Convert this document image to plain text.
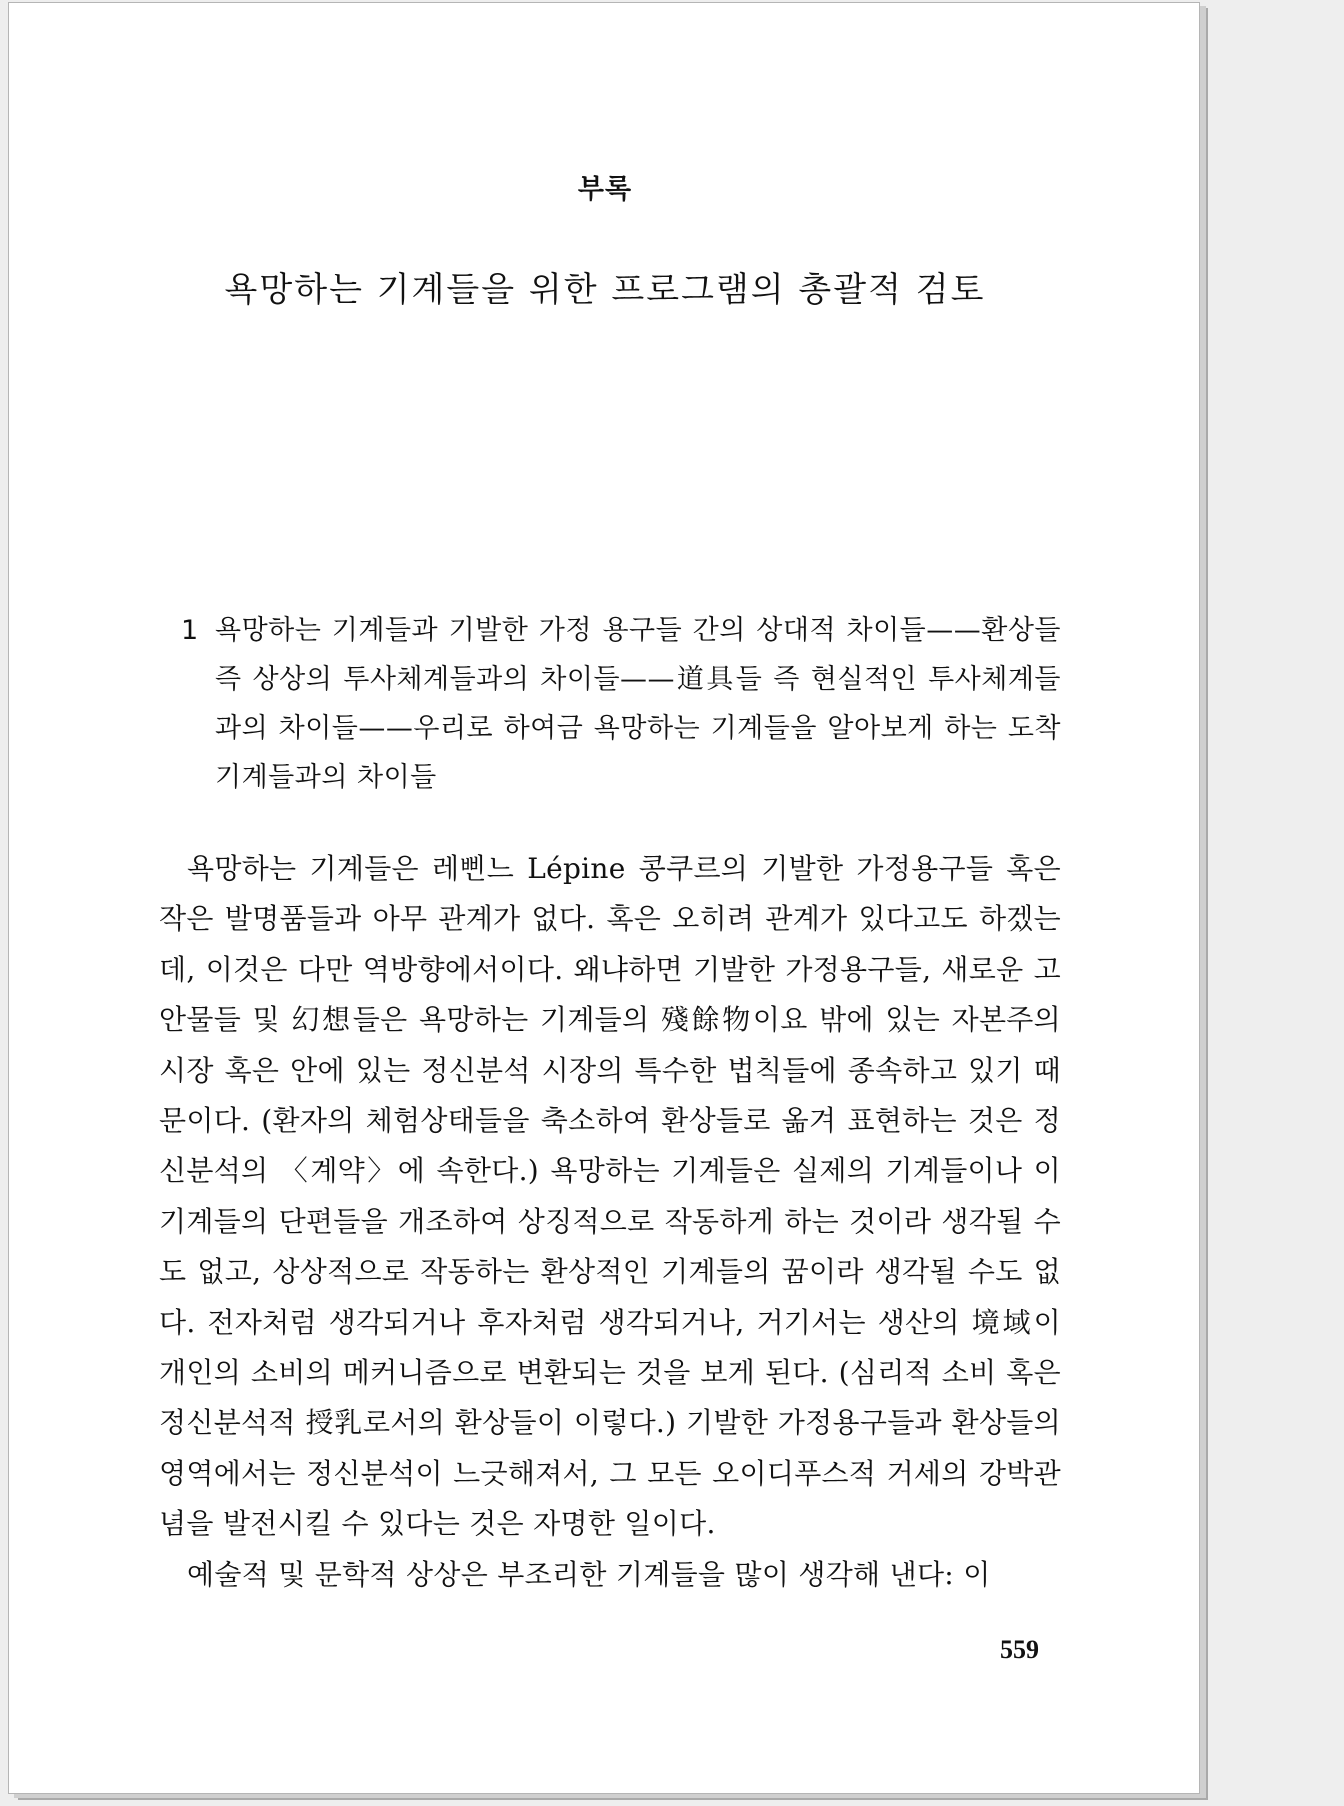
부록
욕망하는 기계들을 위한 프로그램의 총괄적 검토
1 욕망하는 기계들과 기발한 가정 용구들 간의 상대적 차이들——환상들 즉 상상의 투사체계들과의 차이들——道具들 즉 현실적인 투사체계들과의 차이들——우리로 하여금 욕망하는 기계들을 알아보게 하는 도착기계들과의 차이들

욕망하는 기계들은 레삔느 Lépine 콩쿠르의 기발한 가정용구들 혹은 작은 발명품들과 아무 관계가 없다. 혹은 오히려 관계가 있다고도 하겠는데, 이것은 다만 역방향에서이다. 왜냐하면 기발한 가정용구들, 새로운 고안물들 및 幻想들은 욕망하는 기계들의 殘餘物이요 밖에 있는 자본주의 시장 혹은 안에 있는 정신분석 시장의 특수한 법칙들에 종속하고 있기 때문이다. (환자의 체험상태들을 축소하여 환상들로 옮겨 표현하는 것은 정신분석의 〈계약〉에 속한다.) 욕망하는 기계들은 실제의 기계들이나 이 기계들의 단편들을 개조하여 상징적으로 작동하게 하는 것이라 생각될 수도 없고, 상상적으로 작동하는 환상적인 기계들의 꿈이라 생각될 수도 없다. 전자처럼 생각되거나 후자처럼 생각되거나, 거기서는 생산의 境域이 개인의 소비의 메커니즘으로 변환되는 것을 보게 된다. (심리적 소비 혹은 정신분석적 授乳로서의 환상들이 이렇다.) 기발한 가정용구들과 환상들의 영역에서는 정신분석이 느긋해져서, 그 모든 오이디푸스적 거세의 강박관념을 발전시킬 수 있다는 것은 자명한 일이다.

예술적 및 문학적 상상은 부조리한 기계들을 많이 생각해 낸다: 이

559
